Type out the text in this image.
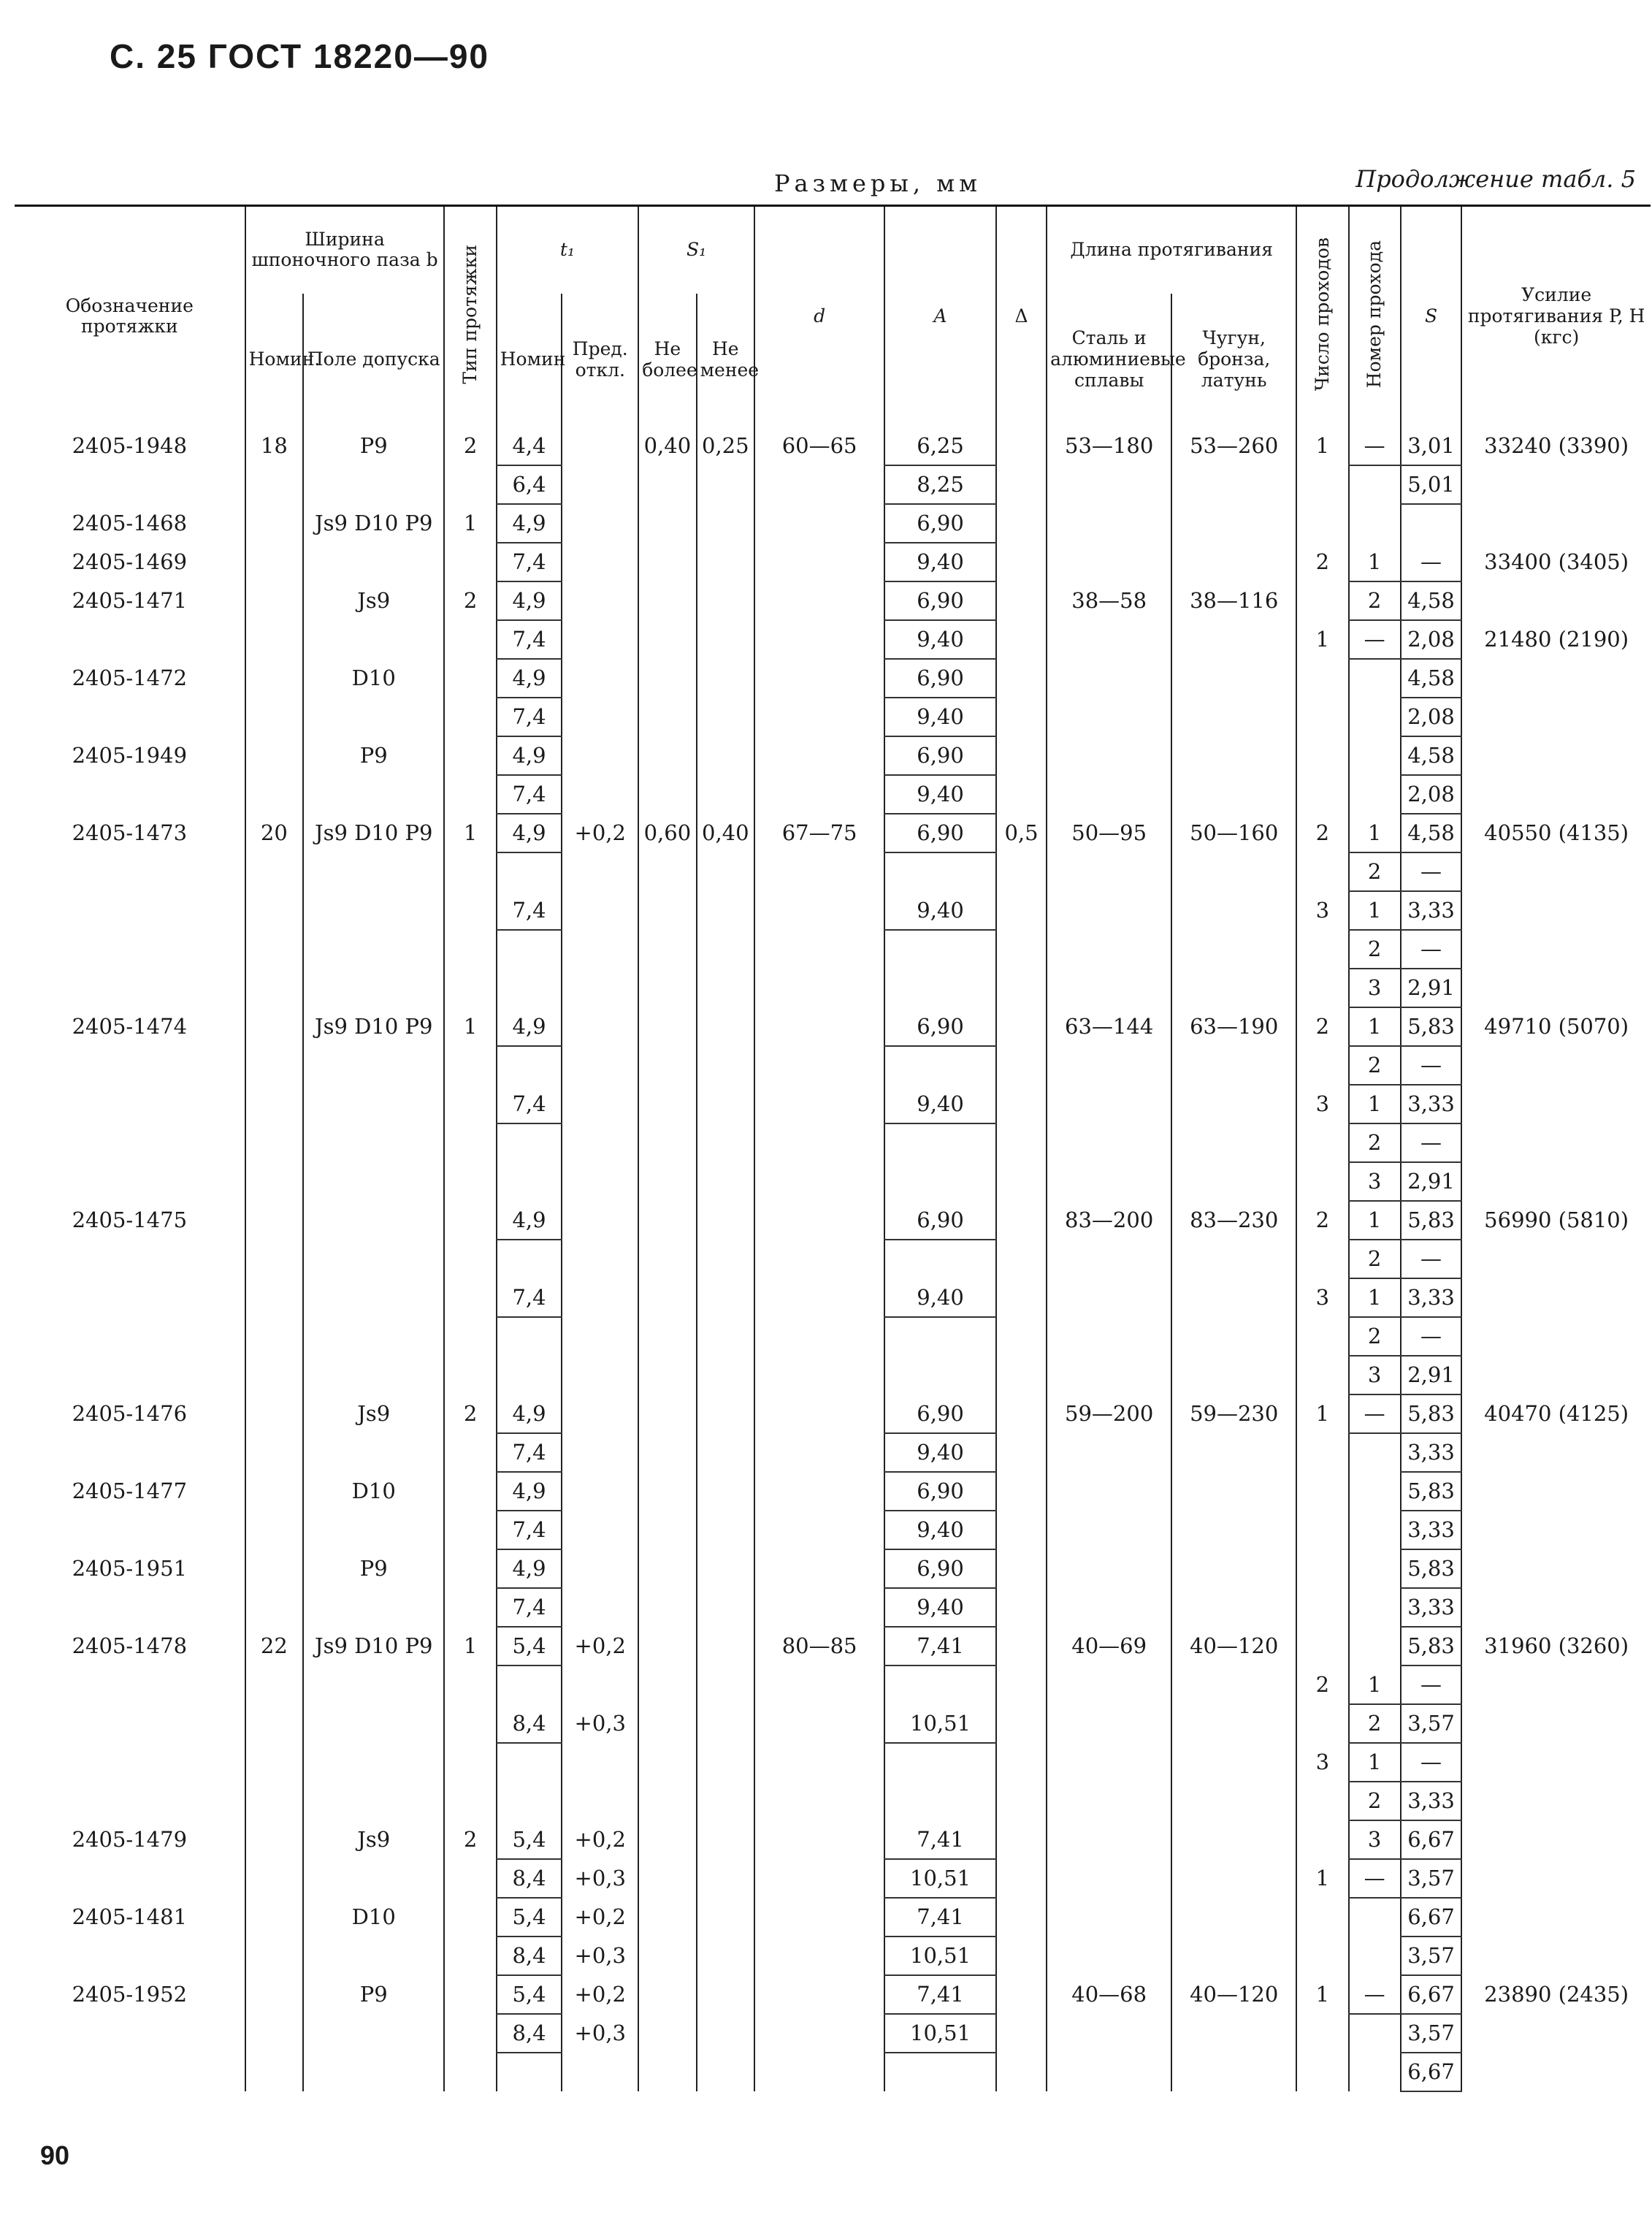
С. 25 ГОСТ 18220—90
Размеры, мм	Продолжение табл. 5
Обозначение протяжки	Ширина шпоночного паза b		Тип протяжки	t₁		S₁		d	A	Δ	Длина протягивания		Число проходов	Номер прохода	S	Усилие протягивания P, Н (кгс)
	Номин.	Поле допуска		Номин	Пред. откл.	Не более	Не менее				Сталь и алюминиевые сплавы	Чугун, бронза, латунь				

2405-1948	18	P9	2	4,4		0,40	0,25	60—65	6,25		53—180	53—260	1	—	3,01	33240 (3390)
				6,4					8,25						5,01	
2405-1468		Js9 D10 P9	1	4,9					6,90							
2405-1469				7,4					9,40				2	1	—	33400 (3405)
2405-1471		Js9	2	4,9					6,90		38—58	38—116		2	4,58	
				7,4					9,40				1	—	2,08	21480 (2190)
2405-1472		D10		4,9					6,90						4,58	
				7,4					9,40						2,08	
2405-1949		P9		4,9					6,90						4,58	
				7,4					9,40						2,08	
2405-1473	20	Js9 D10 P9	1	4,9	+0,2	0,60	0,40	67—75	6,90	0,5	50—95	50—160	2	1	4,58	40550 (4135)
														2	—	
				7,4					9,40				3	1	3,33	
														2	—	
														3	2,91	
2405-1474		Js9 D10 P9	1	4,9					6,90		63—144	63—190	2	1	5,83	49710 (5070)
														2	—	
				7,4					9,40				3	1	3,33	
														2	—	
														3	2,91	
2405-1475				4,9					6,90		83—200	83—230	2	1	5,83	56990 (5810)
														2	—	
				7,4					9,40				3	1	3,33	
														2	—	
														3	2,91	
2405-1476		Js9	2	4,9					6,90		59—200	59—230	1	—	5,83	40470 (4125)
				7,4					9,40						3,33	
2405-1477		D10		4,9					6,90						5,83	
				7,4					9,40						3,33	
2405-1951		P9		4,9					6,90						5,83	
				7,4					9,40						3,33	
2405-1478	22	Js9 D10 P9	1	5,4	+0,2			80—85	7,41		40—69	40—120			5,83	31960 (3260)
													2	1	—	
				8,4	+0,3				10,51					2	3,57	
													3	1	—	
														2	3,33	
2405-1479		Js9	2	5,4	+0,2				7,41					3	6,67	
				8,4	+0,3				10,51				1	—	3,57	
2405-1481		D10		5,4	+0,2				7,41						6,67	
				8,4	+0,3				10,51						3,57	
2405-1952		P9		5,4	+0,2				7,41		40—68	40—120	1	—	6,67	23890 (2435)
				8,4	+0,3				10,51						3,57	
															6,67	
90
